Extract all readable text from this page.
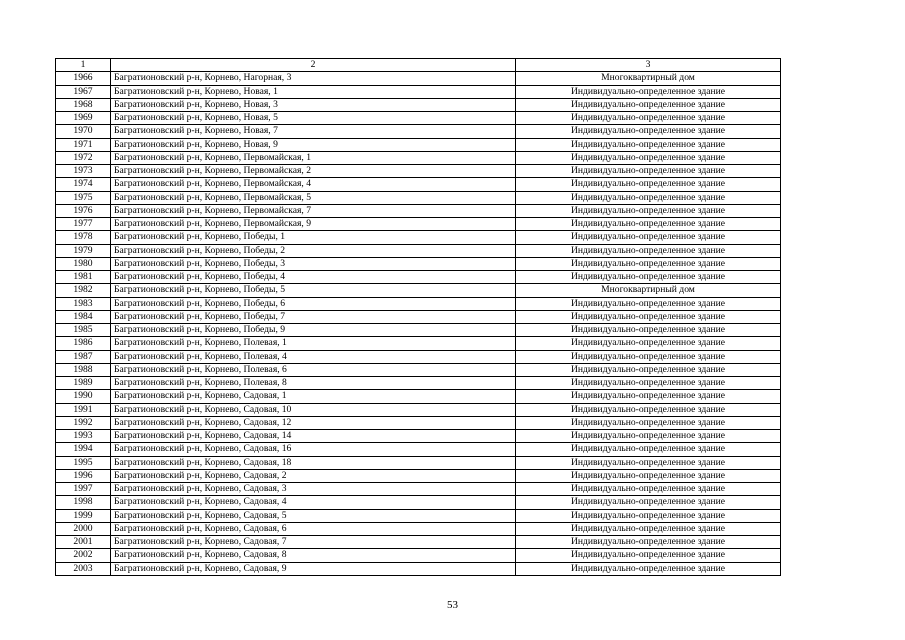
1	2	3
1966	Багратионовский р-н, Корнево, Нагорная, 3	Многоквартирный дом
1967	Багратионовский р-н, Корнево, Новая, 1	Индивидуально-определенное здание
1968	Багратионовский р-н, Корнево, Новая, 3	Индивидуально-определенное здание
1969	Багратионовский р-н, Корнево, Новая, 5	Индивидуально-определенное здание
1970	Багратионовский р-н, Корнево, Новая, 7	Индивидуально-определенное здание
1971	Багратионовский р-н, Корнево, Новая, 9	Индивидуально-определенное здание
1972	Багратионовский р-н, Корнево, Первомайская, 1	Индивидуально-определенное здание
1973	Багратионовский р-н, Корнево, Первомайская, 2	Индивидуально-определенное здание
1974	Багратионовский р-н, Корнево, Первомайская, 4	Индивидуально-определенное здание
1975	Багратионовский р-н, Корнево, Первомайская, 5	Индивидуально-определенное здание
1976	Багратионовский р-н, Корнево, Первомайская, 7	Индивидуально-определенное здание
1977	Багратионовский р-н, Корнево, Первомайская, 9	Индивидуально-определенное здание
1978	Багратионовский р-н, Корнево, Победы, 1	Индивидуально-определенное здание
1979	Багратионовский р-н, Корнево, Победы, 2	Индивидуально-определенное здание
1980	Багратионовский р-н, Корнево, Победы, 3	Индивидуально-определенное здание
1981	Багратионовский р-н, Корнево, Победы, 4	Индивидуально-определенное здание
1982	Багратионовский р-н, Корнево, Победы, 5	Многоквартирный дом
1983	Багратионовский р-н, Корнево, Победы, 6	Индивидуально-определенное здание
1984	Багратионовский р-н, Корнево, Победы, 7	Индивидуально-определенное здание
1985	Багратионовский р-н, Корнево, Победы, 9	Индивидуально-определенное здание
1986	Багратионовский р-н, Корнево, Полевая, 1	Индивидуально-определенное здание
1987	Багратионовский р-н, Корнево, Полевая, 4	Индивидуально-определенное здание
1988	Багратионовский р-н, Корнево, Полевая, 6	Индивидуально-определенное здание
1989	Багратионовский р-н, Корнево, Полевая, 8	Индивидуально-определенное здание
1990	Багратионовский р-н, Корнево, Садовая, 1	Индивидуально-определенное здание
1991	Багратионовский р-н, Корнево, Садовая, 10	Индивидуально-определенное здание
1992	Багратионовский р-н, Корнево, Садовая, 12	Индивидуально-определенное здание
1993	Багратионовский р-н, Корнево, Садовая, 14	Индивидуально-определенное здание
1994	Багратионовский р-н, Корнево, Садовая, 16	Индивидуально-определенное здание
1995	Багратионовский р-н, Корнево, Садовая, 18	Индивидуально-определенное здание
1996	Багратионовский р-н, Корнево, Садовая, 2	Индивидуально-определенное здание
1997	Багратионовский р-н, Корнево, Садовая, 3	Индивидуально-определенное здание
1998	Багратионовский р-н, Корнево, Садовая, 4	Индивидуально-определенное здание
1999	Багратионовский р-н, Корнево, Садовая, 5	Индивидуально-определенное здание
2000	Багратионовский р-н, Корнево, Садовая, 6	Индивидуально-определенное здание
2001	Багратионовский р-н, Корнево, Садовая, 7	Индивидуально-определенное здание
2002	Багратионовский р-н, Корнево, Садовая, 8	Индивидуально-определенное здание
2003	Багратионовский р-н, Корнево, Садовая, 9	Индивидуально-определенное здание
53
